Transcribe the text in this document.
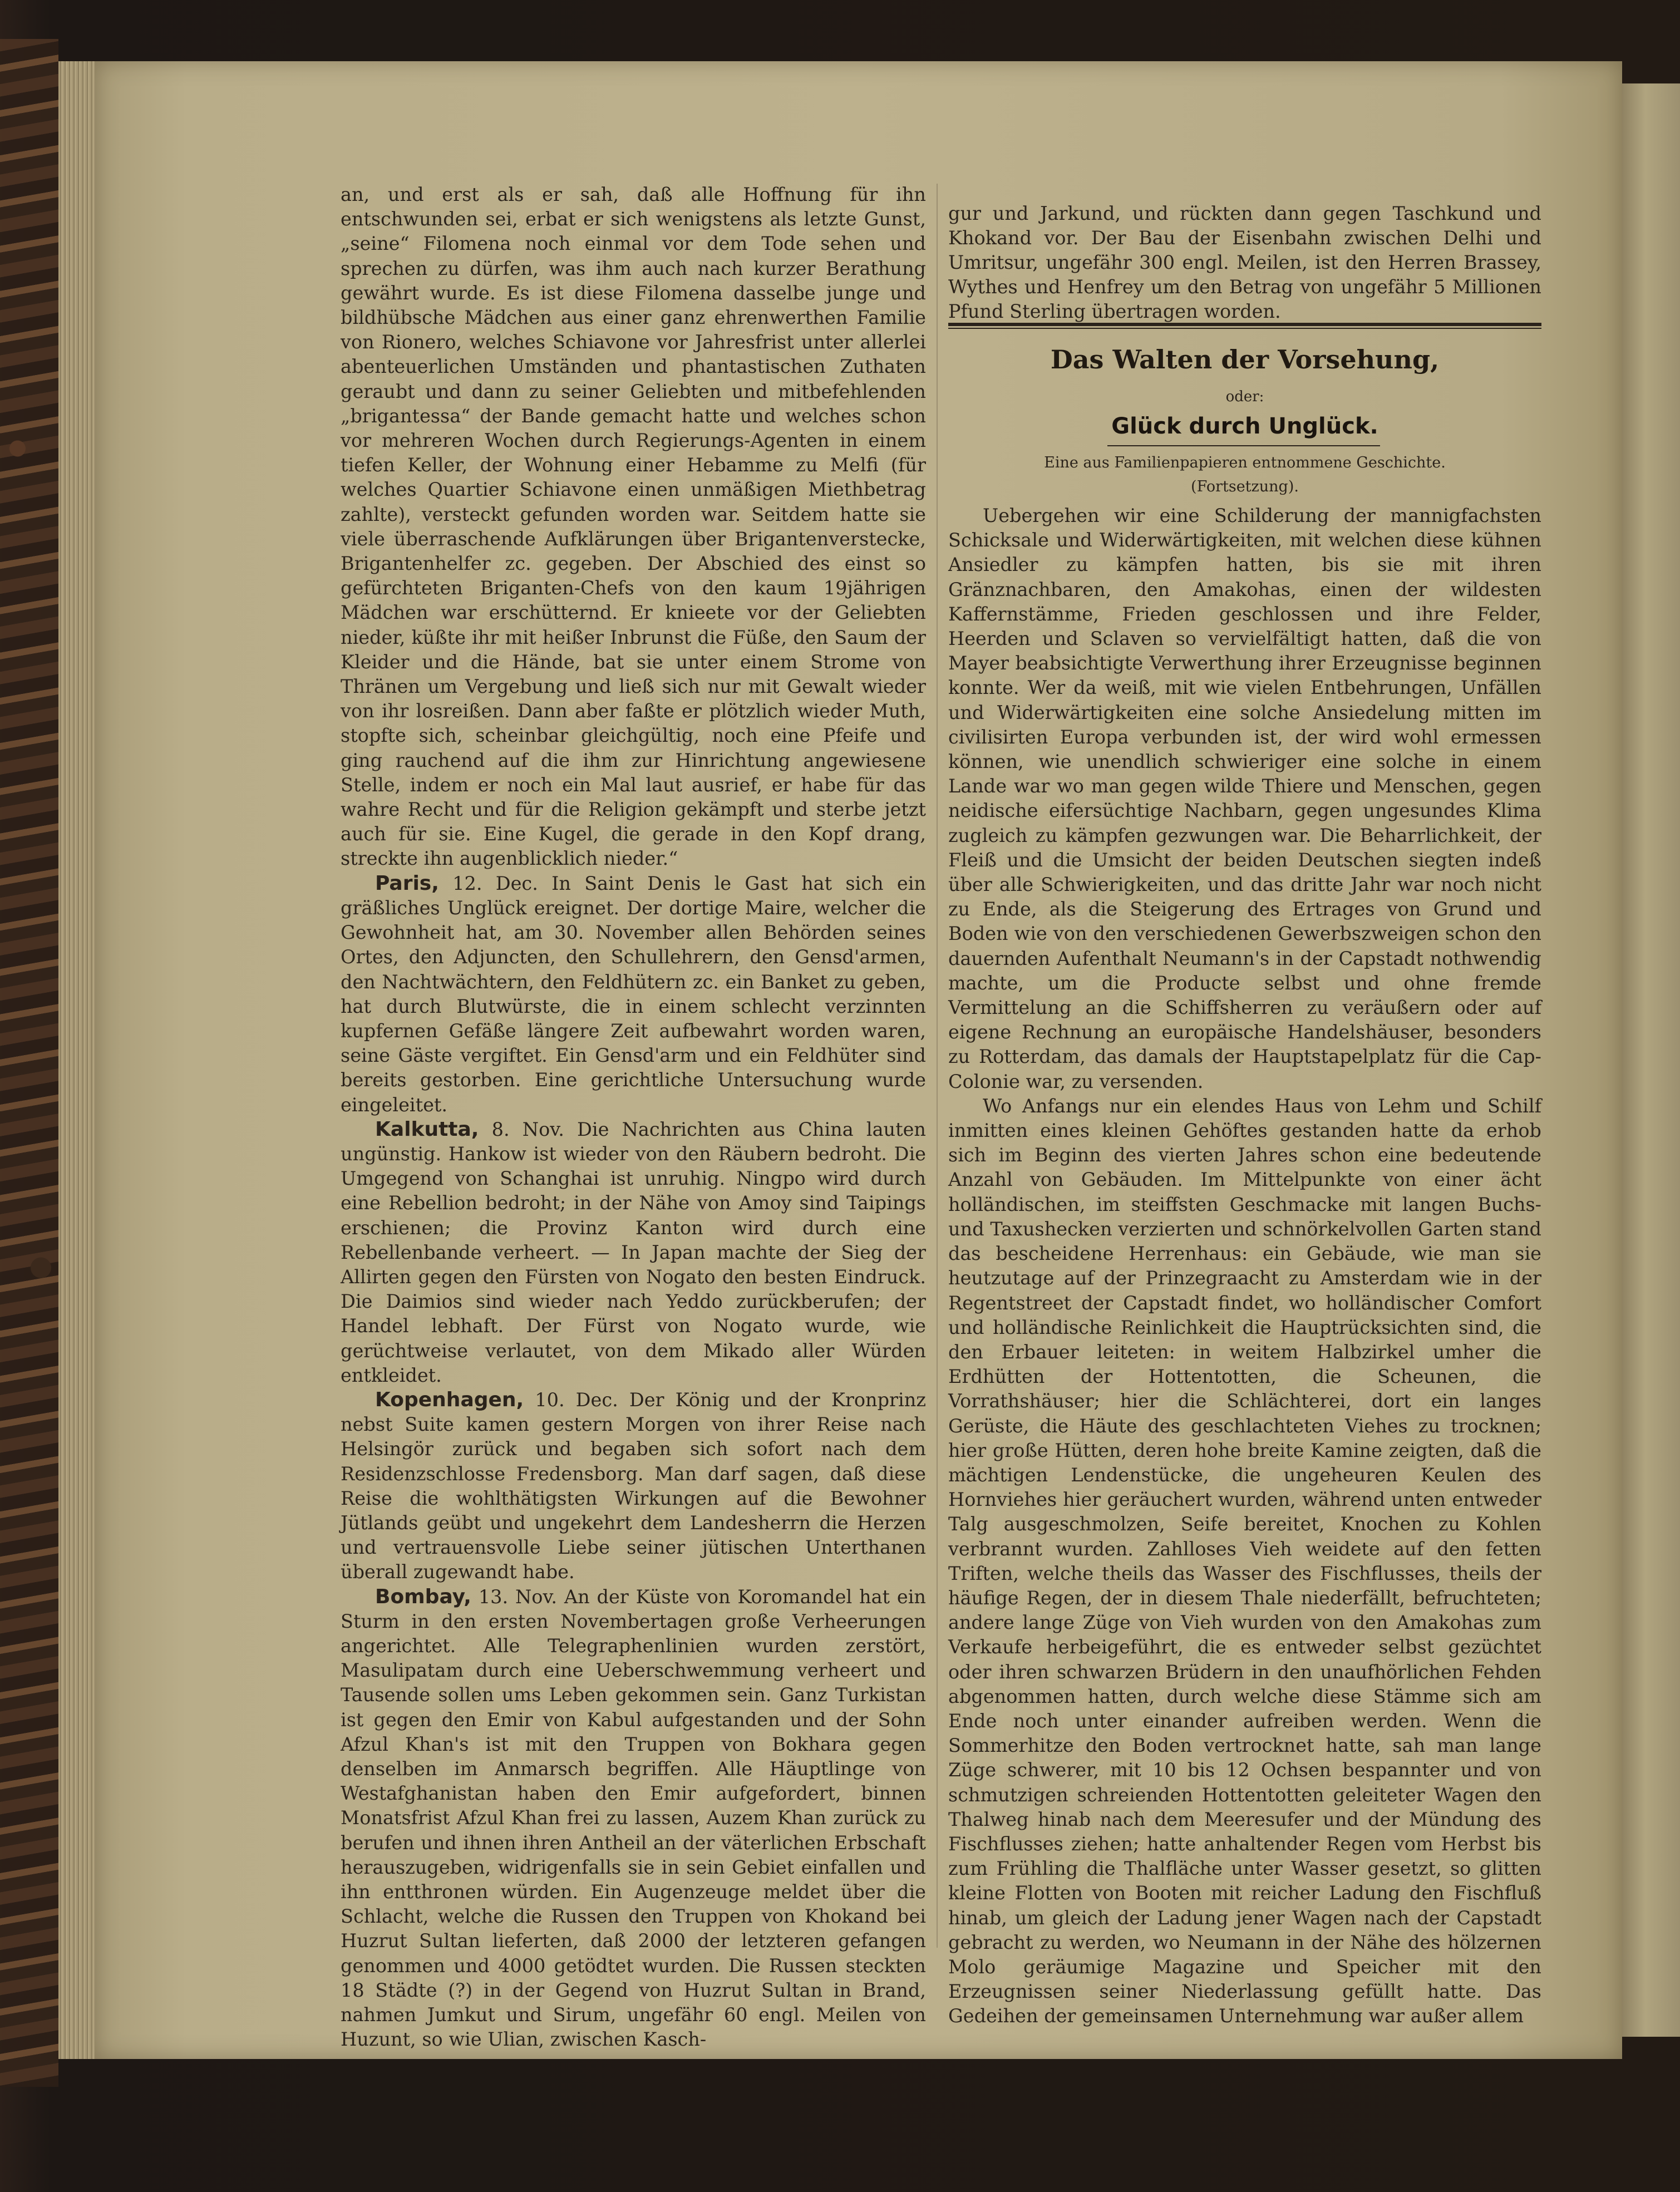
an, und erst als er sah, daß alle Hoffnung für ihn entschwunden sei, erbat er sich wenigstens als letzte Gunst, „seine“ Filomena noch einmal vor dem Tode sehen und sprechen zu dürfen, was ihm auch nach kurzer Berathung gewährt wurde. Es ist diese Filomena dasselbe junge und bildhübsche Mädchen aus einer ganz ehrenwerthen Familie von Rionero, welches Schiavone vor Jahresfrist unter allerlei abenteuerlichen Umständen und phantastischen Zuthaten geraubt und dann zu seiner Geliebten und mitbefehlenden „brigantessa“ der Bande gemacht hatte und welches schon vor mehreren Wochen durch Regierungs-Agenten in einem tiefen Keller, der Wohnung einer Hebamme zu Melfi (für welches Quartier Schiavone einen unmäßigen Miethbetrag zahlte), versteckt gefunden worden war. Seitdem hatte sie viele überraschende Aufklärungen über Brigantenverstecke, Brigantenhelfer zc. gegeben. Der Abschied des einst so gefürchteten Briganten-Chefs von den kaum 19jährigen Mädchen war erschütternd. Er knieete vor der Geliebten nieder, küßte ihr mit heißer Inbrunst die Füße, den Saum der Kleider und die Hände, bat sie unter einem Strome von Thränen um Vergebung und ließ sich nur mit Gewalt wieder von ihr losreißen. Dann aber faßte er plötzlich wieder Muth, stopfte sich, scheinbar gleichgültig, noch eine Pfeife und ging rauchend auf die ihm zur Hinrichtung angewiesene Stelle, indem er noch ein Mal laut ausrief, er habe für das wahre Recht und für die Religion gekämpft und sterbe jetzt auch für sie. Eine Kugel, die gerade in den Kopf drang, streckte ihn augenblicklich nieder.“

Paris, 12. Dec. In Saint Denis le Gast hat sich ein gräßliches Unglück ereignet. Der dortige Maire, welcher die Gewohnheit hat, am 30. November allen Behörden seines Ortes, den Adjuncten, den Schullehrern, den Gensd'armen, den Nachtwächtern, den Feldhütern zc. ein Banket zu geben, hat durch Blutwürste, die in einem schlecht verzinnten kupfernen Gefäße längere Zeit aufbewahrt worden waren, seine Gäste vergiftet. Ein Gensd'arm und ein Feldhüter sind bereits gestorben. Eine gerichtliche Untersuchung wurde eingeleitet.

Kalkutta, 8. Nov. Die Nachrichten aus China lauten ungünstig. Hankow ist wieder von den Räubern bedroht. Die Umgegend von Schanghai ist unruhig. Ningpo wird durch eine Rebellion bedroht; in der Nähe von Amoy sind Taipings erschienen; die Provinz Kanton wird durch eine Rebellenbande verheert. — In Japan machte der Sieg der Allirten gegen den Fürsten von Nogato den besten Eindruck. Die Daimios sind wieder nach Yeddo zurückberufen; der Handel lebhaft. Der Fürst von Nogato wurde, wie gerüchtweise verlautet, von dem Mikado aller Würden entkleidet.

Kopenhagen, 10. Dec. Der König und der Kronprinz nebst Suite kamen gestern Morgen von ihrer Reise nach Helsingör zurück und begaben sich sofort nach dem Residenzschlosse Fredensborg. Man darf sagen, daß diese Reise die wohlthätigsten Wirkungen auf die Bewohner Jütlands geübt und ungekehrt dem Landesherrn die Herzen und vertrauensvolle Liebe seiner jütischen Unterthanen überall zugewandt habe.

Bombay, 13. Nov. An der Küste von Koromandel hat ein Sturm in den ersten Novembertagen große Verheerungen angerichtet. Alle Telegraphenlinien wurden zerstört, Masulipatam durch eine Ueberschwemmung verheert und Tausende sollen ums Leben gekommen sein. Ganz Turkistan ist gegen den Emir von Kabul aufgestanden und der Sohn Afzul Khan's ist mit den Truppen von Bokhara gegen denselben im Anmarsch begriffen. Alle Häuptlinge von Westafghanistan haben den Emir aufgefordert, binnen Monatsfrist Afzul Khan frei zu lassen, Auzem Khan zurück zu berufen und ihnen ihren Antheil an der väterlichen Erbschaft herauszugeben, widrigenfalls sie in sein Gebiet einfallen und ihn entthronen würden. Ein Augenzeuge meldet über die Schlacht, welche die Russen den Truppen von Khokand bei Huzrut Sultan lieferten, daß 2000 der letzteren gefangen genommen und 4000 getödtet wurden. Die Russen steckten 18 Städte (?) in der Gegend von Huzrut Sultan in Brand, nahmen Jumkut und Sirum, ungefähr 60 engl. Meilen von Huzunt, so wie Ulian, zwischen Kasch-

gur und Jarkund, und rückten dann gegen Taschkund und Khokand vor. Der Bau der Eisenbahn zwischen Delhi und Umritsur, ungefähr 300 engl. Meilen, ist den Herren Brassey, Wythes und Henfrey um den Betrag von ungefähr 5 Millionen Pfund Sterling übertragen worden.

Das Walten der Vorsehung,
oder:
Glück durch Unglück.
Eine aus Familienpapieren entnommene Geschichte.
(Fortsetzung).

Uebergehen wir eine Schilderung der mannigfachsten Schicksale und Widerwärtigkeiten, mit welchen diese kühnen Ansiedler zu kämpfen hatten, bis sie mit ihren Gränznachbaren, den Amakohas, einen der wildesten Kaffernstämme, Frieden geschlossen und ihre Felder, Heerden und Sclaven so vervielfältigt hatten, daß die von Mayer beabsichtigte Verwerthung ihrer Erzeugnisse beginnen konnte. Wer da weiß, mit wie vielen Entbehrungen, Unfällen und Widerwärtigkeiten eine solche Ansiedelung mitten im civilisirten Europa verbunden ist, der wird wohl ermessen können, wie unendlich schwieriger eine solche in einem Lande war wo man gegen wilde Thiere und Menschen, gegen neidische eifersüchtige Nachbarn, gegen ungesundes Klima zugleich zu kämpfen gezwungen war. Die Beharrlichkeit, der Fleiß und die Umsicht der beiden Deutschen siegten indeß über alle Schwierigkeiten, und das dritte Jahr war noch nicht zu Ende, als die Steigerung des Ertrages von Grund und Boden wie von den verschiedenen Gewerbszweigen schon den dauernden Aufenthalt Neumann's in der Capstadt nothwendig machte, um die Producte selbst und ohne fremde Vermittelung an die Schiffsherren zu veräußern oder auf eigene Rechnung an europäische Handelshäuser, besonders zu Rotterdam, das damals der Hauptstapelplatz für die Cap-Colonie war, zu versenden.

Wo Anfangs nur ein elendes Haus von Lehm und Schilf inmitten eines kleinen Gehöftes gestanden hatte da erhob sich im Beginn des vierten Jahres schon eine bedeutende Anzahl von Gebäuden. Im Mittelpunkte von einer ächt holländischen, im steiffsten Geschmacke mit langen Buchs- und Taxushecken verzierten und schnörkelvollen Garten stand das bescheidene Herrenhaus: ein Gebäude, wie man sie heutzutage auf der Prinzegraacht zu Amsterdam wie in der Regentstreet der Capstadt findet, wo holländischer Comfort und holländische Reinlichkeit die Hauptrücksichten sind, die den Erbauer leiteten: in weitem Halbzirkel umher die Erdhütten der Hottentotten, die Scheunen, die Vorrathshäuser; hier die Schlächterei, dort ein langes Gerüste, die Häute des geschlachteten Viehes zu trocknen; hier große Hütten, deren hohe breite Kamine zeigten, daß die mächtigen Lendenstücke, die ungeheuren Keulen des Hornviehes hier geräuchert wurden, während unten entweder Talg ausgeschmolzen, Seife bereitet, Knochen zu Kohlen verbrannt wurden. Zahlloses Vieh weidete auf den fetten Triften, welche theils das Wasser des Fischflusses, theils der häufige Regen, der in diesem Thale niederfällt, befruchteten; andere lange Züge von Vieh wurden von den Amakohas zum Verkaufe herbeigeführt, die es entweder selbst gezüchtet oder ihren schwarzen Brüdern in den unaufhörlichen Fehden abgenommen hatten, durch welche diese Stämme sich am Ende noch unter einander aufreiben werden. Wenn die Sommerhitze den Boden vertrocknet hatte, sah man lange Züge schwerer, mit 10 bis 12 Ochsen bespannter und von schmutzigen schreienden Hottentotten geleiteter Wagen den Thalweg hinab nach dem Meeresufer und der Mündung des Fischflusses ziehen; hatte anhaltender Regen vom Herbst bis zum Frühling die Thalfläche unter Wasser gesetzt, so glitten kleine Flotten von Booten mit reicher Ladung den Fischfluß hinab, um gleich der Ladung jener Wagen nach der Capstadt gebracht zu werden, wo Neumann in der Nähe des hölzernen Molo geräumige Magazine und Speicher mit den Erzeugnissen seiner Niederlassung gefüllt hatte. Das Gedeihen der gemeinsamen Unternehmung war außer allem
